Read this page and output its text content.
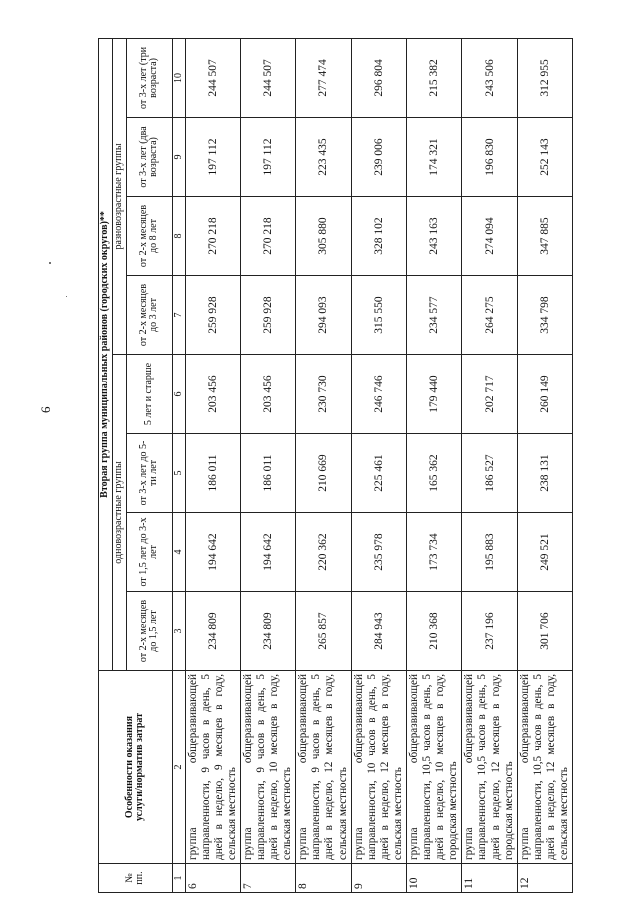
6
№
пп.	Особенности оказания
услуги/норматив затрат	Вторая группа муниципальных районов (городских округов)**							
		одновозрастные группы				разновозрастные группы			
		от 2-х месяцев до 1,5 лет	от 1,5 лет до 3-х лет	от 3-х лет до 5-ти лет	5 лет и старше	от 2-х месяцев до 3 лет	от 2-х месяцев до 8 лет	от 3-х лет (два возраста)	от 3-х лет (три возраста)
1	2	3	4	5	6	7	8	9	10
6	группа общеразвивающей направленности, 9 часов в день, 5 дней в неделю, 9 месяцев в году, сельская местность	234 809	194 642	186 011	203 456	259 928	270 218	197 112	244 507
7	группа общеразвивающей направленности, 9 часов в день, 5 дней в неделю, 10 месяцев в году, сельская местность	234 809	194 642	186 011	203 456	259 928	270 218	197 112	244 507
8	группа общеразвивающей направленности, 9 часов в день, 5 дней в неделю, 12 месяцев в году, сельская местность	265 857	220 362	210 669	230 730	294 093	305 880	223 435	277 474
9	группа общеразвивающей направленности, 10 часов в день, 5 дней в неделю, 12 месяцев в году, сельская местность	284 943	235 978	225 461	246 746	315 550	328 102	239 006	296 804
10	группа общеразвивающей направленности, 10,5 часов в день, 5 дней в неделю, 10 месяцев в году, городская местность	210 368	173 734	165 362	179 440	234 577	243 163	174 321	215 382
11	группа общеразвивающей направленности, 10,5 часов в день, 5 дней в неделю, 12 месяцев в году, городская местность	237 196	195 883	186 527	202 717	264 275	274 094	196 830	243 506
12	группа общеразвивающей направленности, 10,5 часов в день, 5 дней в неделю, 12 месяцев в году, сельская местность	301 706	249 521	238 131	260 149	334 798	347 885	252 143	312 955
